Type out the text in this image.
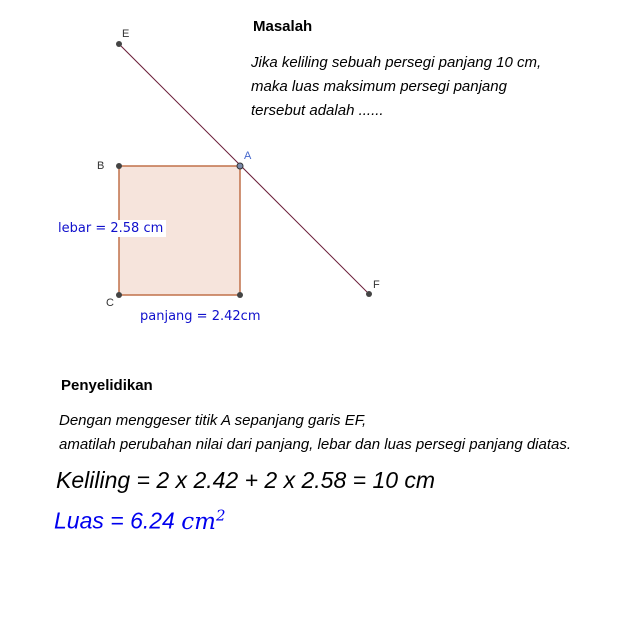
Masalah
Jika keliling sebuah persegi panjang 10 cm,
maka luas maksimum persegi panjang
tersebut adalah ......
E
A
B
C
F
lebar = 2.58 cm
panjang = 2.42cm
Penyelidikan
Dengan menggeser titik A sepanjang garis EF,
amatilah perubahan nilai dari panjang, lebar dan luas persegi panjang diatas.
Keliling = 2 x 2.42 + 2 x 2.58 = 10 cm
Luas = 6.24 $cm^2$
